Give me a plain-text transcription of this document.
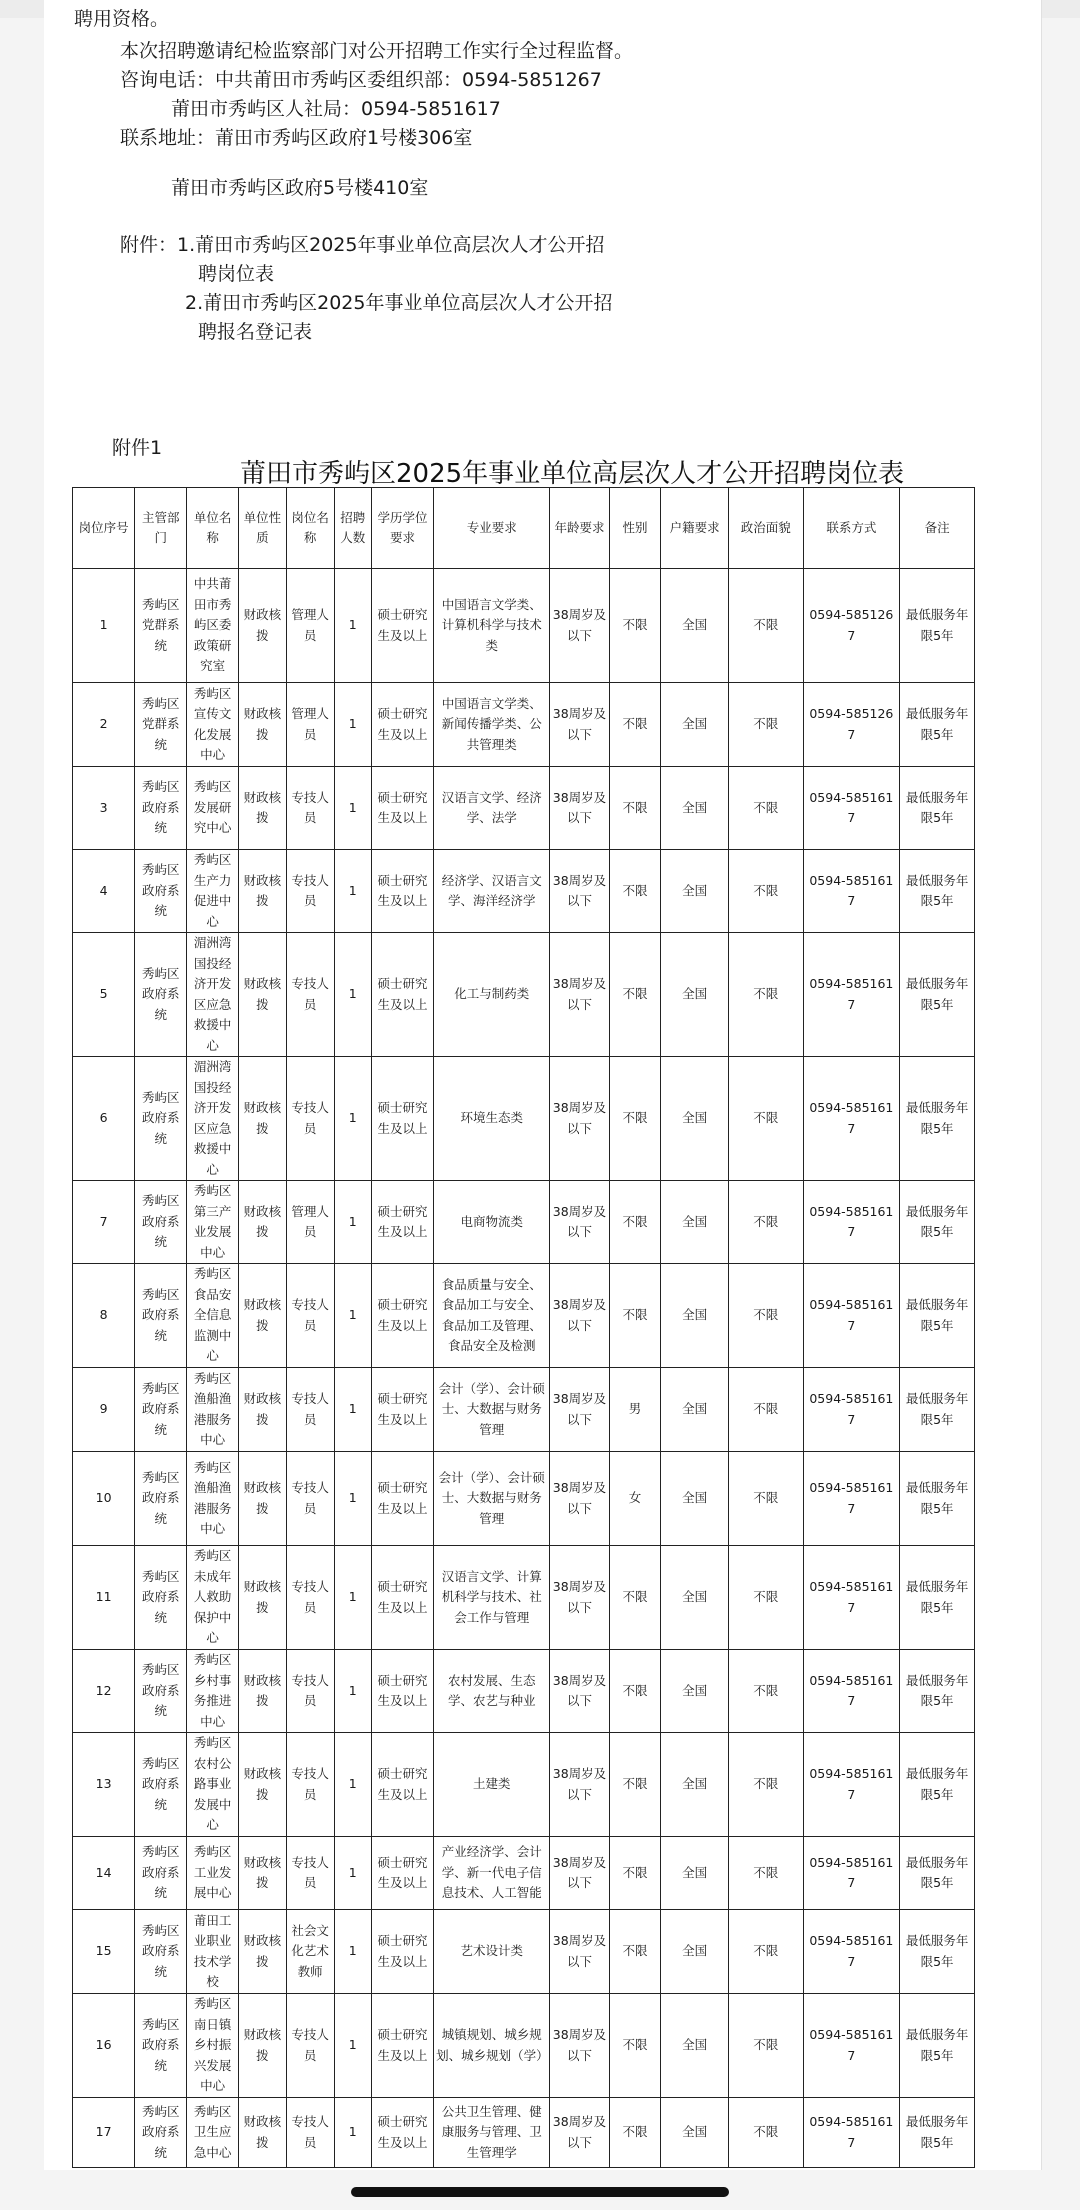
聘用资格。
本次招聘邀请纪检监察部门对公开招聘工作实行全过程监督。
咨询电话：中共莆田市秀屿区委组织部：0594-5851267
莆田市秀屿区人社局：0594-5851617
联系地址：莆田市秀屿区政府1号楼306室
莆田市秀屿区政府5号楼410室
附件：1.莆田市秀屿区2025年事业单位高层次人才公开招
聘岗位表
2.莆田市秀屿区2025年事业单位高层次人才公开招
聘报名登记表
附件1
莆田市秀屿区2025年事业单位高层次人才公开招聘岗位表
岗位序号	主管部门	单位名称	单位性质	岗位名称	招聘人数	学历学位要求	专业要求	年龄要求	性别	户籍要求	政治面貌	联系方式	备注
1	秀屿区党群系统	中共莆田市秀屿区委政策研究室	财政核拨	管理人员	1	硕士研究生及以上	中国语言文学类、计算机科学与技术类	38周岁及以下	不限	全国	不限	0594-5851267	最低服务年限5年
2	秀屿区党群系统	秀屿区宣传文化发展中心	财政核拨	管理人员	1	硕士研究生及以上	中国语言文学类、新闻传播学类、公共管理类	38周岁及以下	不限	全国	不限	0594-5851267	最低服务年限5年
3	秀屿区政府系统	秀屿区发展研究中心	财政核拨	专技人员	1	硕士研究生及以上	汉语言文学、经济学、法学	38周岁及以下	不限	全国	不限	0594-5851617	最低服务年限5年
4	秀屿区政府系统	秀屿区生产力促进中心	财政核拨	专技人员	1	硕士研究生及以上	经济学、汉语言文学、海洋经济学	38周岁及以下	不限	全国	不限	0594-5851617	最低服务年限5年
5	秀屿区政府系统	湄洲湾国投经济开发区应急救援中心	财政核拨	专技人员	1	硕士研究生及以上	化工与制药类	38周岁及以下	不限	全国	不限	0594-5851617	最低服务年限5年
6	秀屿区政府系统	湄洲湾国投经济开发区应急救援中心	财政核拨	专技人员	1	硕士研究生及以上	环境生态类	38周岁及以下	不限	全国	不限	0594-5851617	最低服务年限5年
7	秀屿区政府系统	秀屿区第三产业发展中心	财政核拨	管理人员	1	硕士研究生及以上	电商物流类	38周岁及以下	不限	全国	不限	0594-5851617	最低服务年限5年
8	秀屿区政府系统	秀屿区食品安全信息监测中心	财政核拨	专技人员	1	硕士研究生及以上	食品质量与安全、食品加工与安全、食品加工及管理、食品安全及检测	38周岁及以下	不限	全国	不限	0594-5851617	最低服务年限5年
9	秀屿区政府系统	秀屿区渔船渔港服务中心	财政核拨	专技人员	1	硕士研究生及以上	会计（学）、会计硕士、大数据与财务管理	38周岁及以下	男	全国	不限	0594-5851617	最低服务年限5年
10	秀屿区政府系统	秀屿区渔船渔港服务中心	财政核拨	专技人员	1	硕士研究生及以上	会计（学）、会计硕士、大数据与财务管理	38周岁及以下	女	全国	不限	0594-5851617	最低服务年限5年
11	秀屿区政府系统	秀屿区未成年人救助保护中心	财政核拨	专技人员	1	硕士研究生及以上	汉语言文学、计算机科学与技术、社会工作与管理	38周岁及以下	不限	全国	不限	0594-5851617	最低服务年限5年
12	秀屿区政府系统	秀屿区乡村事务推进中心	财政核拨	专技人员	1	硕士研究生及以上	农村发展、生态学、农艺与种业	38周岁及以下	不限	全国	不限	0594-5851617	最低服务年限5年
13	秀屿区政府系统	秀屿区农村公路事业发展中心	财政核拨	专技人员	1	硕士研究生及以上	土建类	38周岁及以下	不限	全国	不限	0594-5851617	最低服务年限5年
14	秀屿区政府系统	秀屿区工业发展中心	财政核拨	专技人员	1	硕士研究生及以上	产业经济学、会计学、新一代电子信息技术、人工智能	38周岁及以下	不限	全国	不限	0594-5851617	最低服务年限5年
15	秀屿区政府系统	莆田工业职业技术学校	财政核拨	社会文化艺术教师	1	硕士研究生及以上	艺术设计类	38周岁及以下	不限	全国	不限	0594-5851617	最低服务年限5年
16	秀屿区政府系统	秀屿区南日镇乡村振兴发展中心	财政核拨	专技人员	1	硕士研究生及以上	城镇规划、城乡规划、城乡规划（学）	38周岁及以下	不限	全国	不限	0594-5851617	最低服务年限5年
17	秀屿区政府系统	秀屿区卫生应急中心	财政核拨	专技人员	1	硕士研究生及以上	公共卫生管理、健康服务与管理、卫生管理学	38周岁及以下	不限	全国	不限	0594-5851617	最低服务年限5年
